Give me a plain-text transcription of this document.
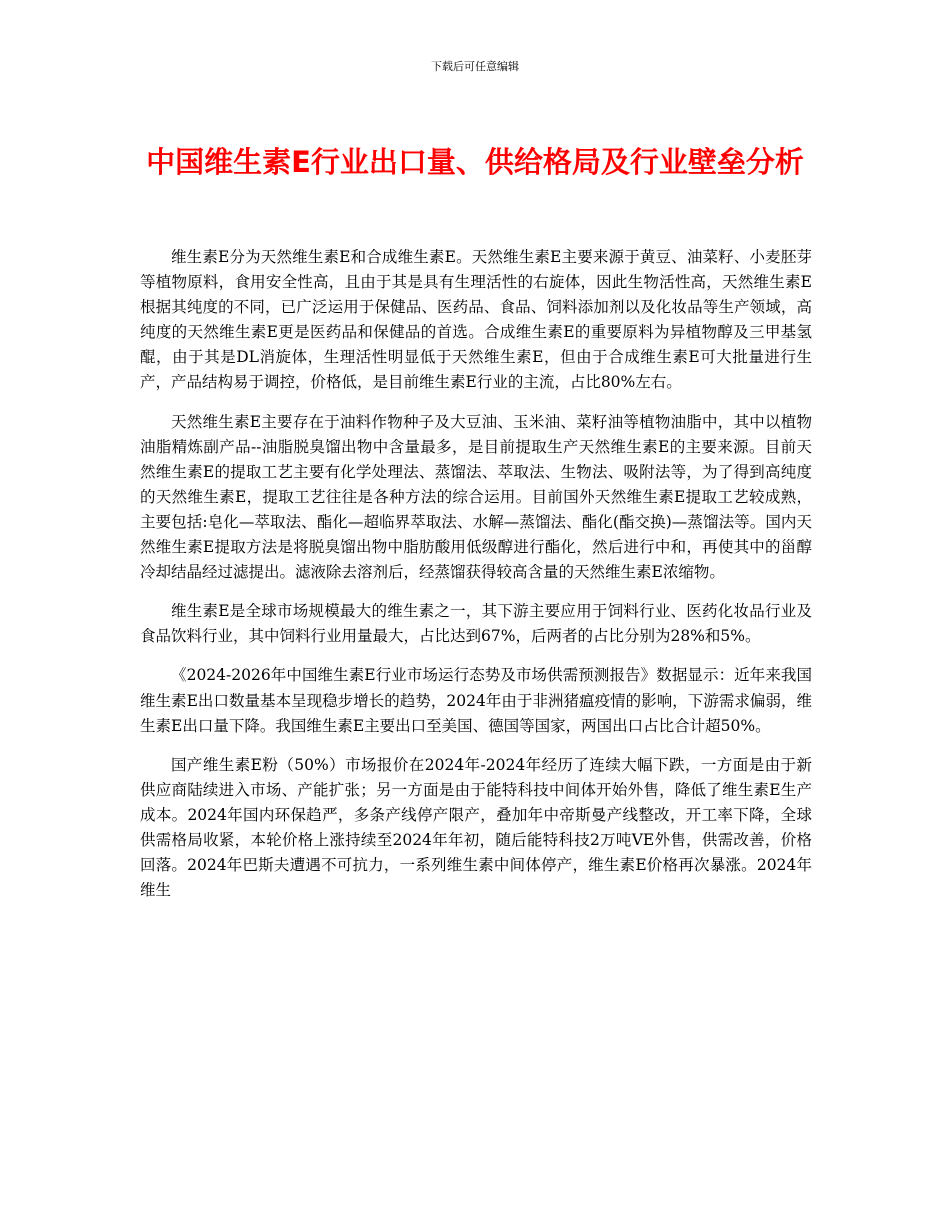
下载后可任意编辑
中国维生素E行业出口量、供给格局及行业壁垒分析

维生素E分为天然维生素E和合成维生素E。天然维生素E主要来源于黄豆、油菜籽、小麦胚芽等植物原料，食用安全性高，且由于其是具有生理活性的右旋体，因此生物活性高，天然维生素E根据其纯度的不同，已广泛运用于保健品、医药品、食品、饲料添加剂以及化妆品等生产领域，高纯度的天然维生素E更是医药品和保健品的首选。合成维生素E的重要原料为异植物醇及三甲基氢醌，由于其是DL消旋体，生理活性明显低于天然维生素E，但由于合成维生素E可大批量进行生产，产品结构易于调控，价格低，是目前维生素E行业的主流，占比80%左右。

天然维生素E主要存在于油料作物种子及大豆油、玉米油、菜籽油等植物油脂中，其中以植物油脂精炼副产品--油脂脱臭馏出物中含量最多，是目前提取生产天然维生素E的主要来源。目前天然维生素E的提取工艺主要有化学处理法、蒸馏法、萃取法、生物法、吸附法等，为了得到高纯度的天然维生素E，提取工艺往往是各种方法的综合运用。目前国外天然维生素E提取工艺较成熟，主要包括:皂化—萃取法、酯化—超临界萃取法、水解—蒸馏法、酯化(酯交换)—蒸馏法等。国内天然维生素E提取方法是将脱臭馏出物中脂肪酸用低级醇进行酯化，然后进行中和，再使其中的甾醇冷却结晶经过滤提出。滤液除去溶剂后，经蒸馏获得较高含量的天然维生素E浓缩物。

维生素E是全球市场规模最大的维生素之一，其下游主要应用于饲料行业、医药化妆品行业及食品饮料行业，其中饲料行业用量最大，占比达到67%，后两者的占比分别为28%和5%。

《2024-2026年中国维生素E行业市场运行态势及市场供需预测报告》数据显示：近年来我国维生素E出口数量基本呈现稳步增长的趋势，2024年由于非洲猪瘟疫情的影响，下游需求偏弱，维生素E出口量下降。我国维生素E主要出口至美国、德国等国家，两国出口占比合计超50%。

国产维生素E粉（50%）市场报价在2024年-2024年经历了连续大幅下跌，一方面是由于新供应商陆续进入市场、产能扩张；另一方面是由于能特科技中间体开始外售，降低了维生素E生产成本。2024年国内环保趋严，多条产线停产限产，叠加年中帝斯曼产线整改，开工率下降，全球供需格局收紧，本轮价格上涨持续至2024年年初，随后能特科技2万吨VE外售，供需改善，价格回落。2024年巴斯夫遭遇不可抗力，一系列维生素中间体停产，维生素E价格再次暴涨。2024年维生
